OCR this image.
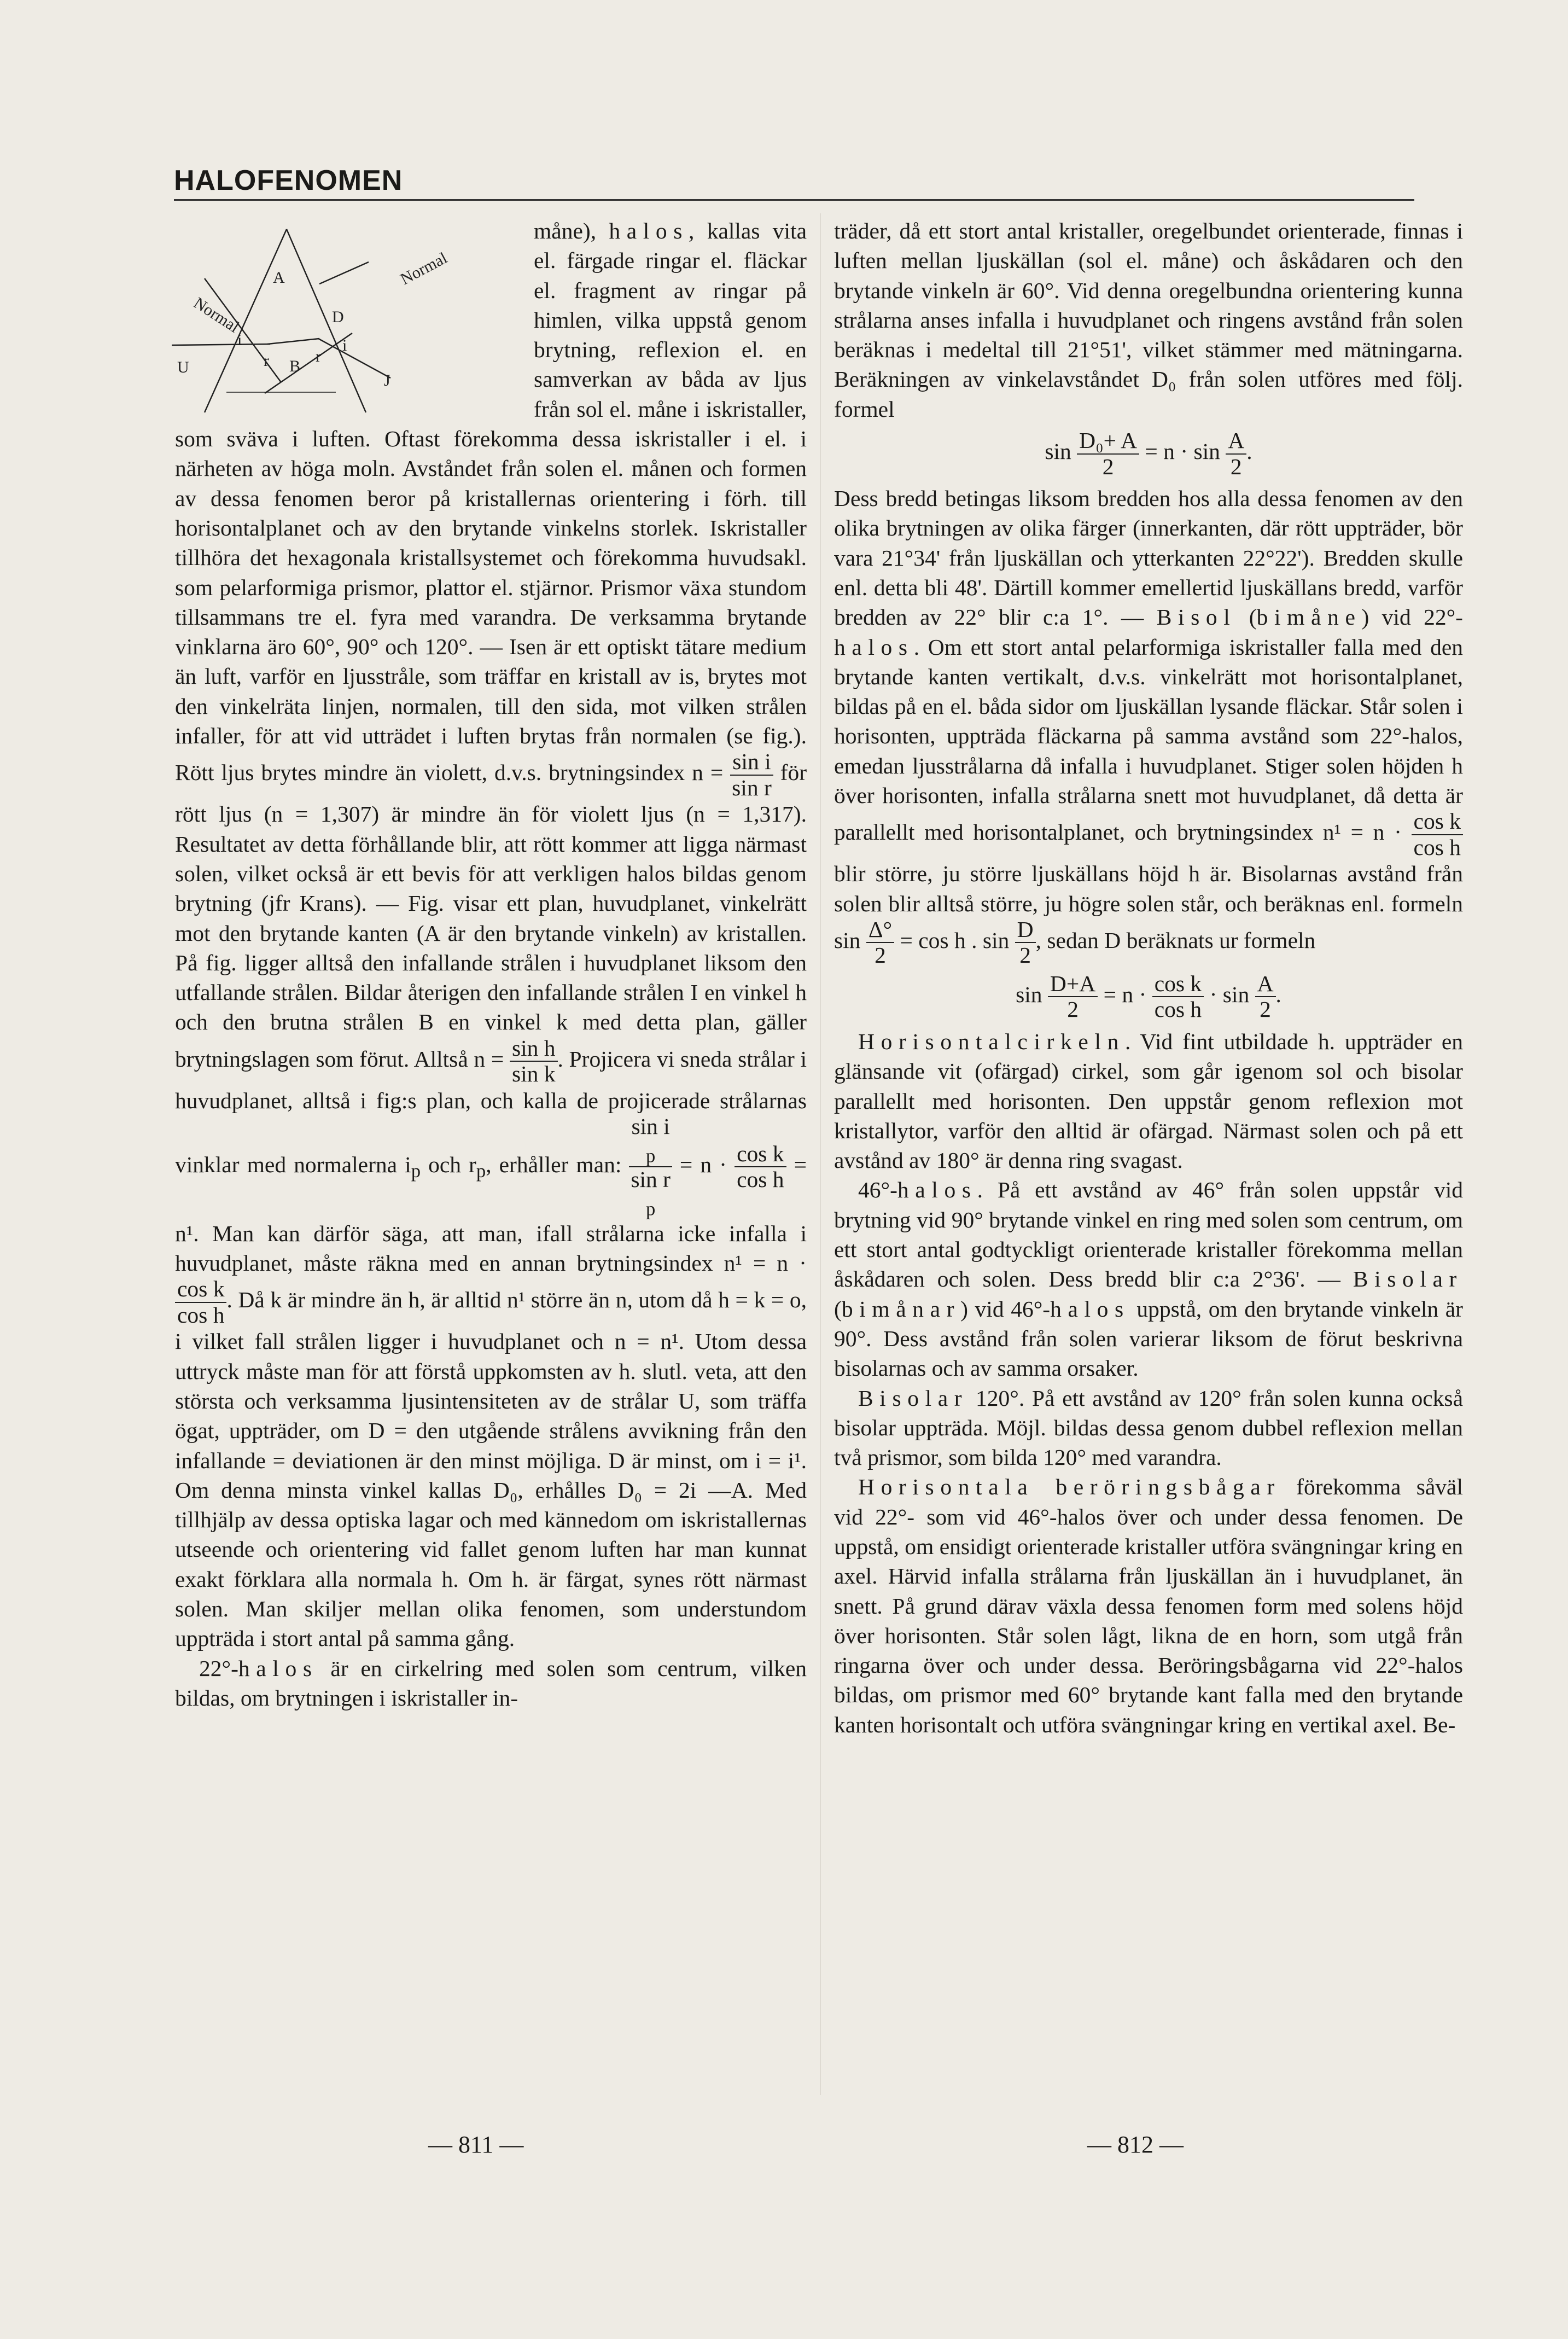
HALOFENOMEN
A
D
B
r	r
i	i
U
J
Normal
Normal

måne), halos, kallas vita el. färgade ringar el. fläckar el. fragment av ringar på himlen, vilka uppstå genom brytning, reflexion el. en samverkan av båda av ljus från sol el. måne i iskristaller, som sväva i luften. Oftast förekomma dessa iskristaller i el. i närheten av höga moln. Avståndet från solen el. månen och formen av dessa fenomen beror på kristallernas orientering i förh. till horisontalplanet och av den brytande vinkelns storlek. Iskristaller tillhöra det hexagonala kristallsystemet och förekomma huvudsakl. som pelarformiga prismor, plattor el. stjärnor. Prismor växa stundom tillsammans tre el. fyra med varandra. De verksamma brytande vinklarna äro 60°, 90° och 120°. — Isen är ett optiskt tätare medium än luft, varför en ljusstråle, som träffar en kristall av is, brytes mot den vinkelräta linjen, normalen, till den sida, mot vilken strålen infaller, för att vid utträdet i luften brytas från normalen (se fig.). Rött ljus brytes mindre än violett, d.v.s. brytningsindex $n = \frac{\text{sin i}}{\text{sin r}}$ för rött ljus (n = 1,307) är mindre än för violett ljus (n = 1,317). Resultatet av detta förhållande blir, att rött kommer att ligga närmast solen, vilket också är ett bevis för att verkligen halos bildas genom brytning (jfr Krans). — Fig. visar ett plan, huvudplanet, vinkelrätt mot den brytande kanten (A är den brytande vinkeln) av kristallen. På fig. ligger alltså den infallande strålen i huvudplanet liksom den utfallande strålen. Bildar återigen den infallande strålen I en vinkel h och den brutna strålen B en vinkel k med detta plan, gäller brytningslagen som förut. Alltså $n = \frac{\text{sin h}}{\text{sin k}}$ . Projicera vi sneda strålar i huvudplanet, alltså i fig:s plan, och kalla de projicerade strålarnas vinklar med normalerna $i_p$ och $r_p$, erhåller man: sin i
$_p$
sin r
$_p = n \cdot \frac{\text{cos k}}{\text{cos h}} = n^1$. Man kan därför säga, att man, ifall strålarna icke infalla i huvudplanet, måste räkna med en annan brytningsindex n¹ = n ·
$\frac{\text{cos k}}{\text{cos h}}$ . Då k är mindre än h, är alltid n¹ större än n, utom då h = k = o, i vilket fall strålen ligger i huvudplanet och n = n¹. Utom dessa uttryck måste man för att förstå uppkomsten av h. slutl. veta, att den största och verksamma ljusintensiteten av de strålar U, som träffa ögat, uppträder, om D = den utgående strålens avvikning från den infallande = deviationen är den minst möjliga. D är minst, om i = i¹. Om denna minsta vinkel kallas D₀, erhålles D₀ = 2i —A. Med tillhjälp av dessa optiska lagar och med kännedom om iskristallernas utseende och orientering vid fallet genom luften har man kunnat exakt förklara alla normala h. Om h. är färgat, synes rött närmast solen. Man skiljer mellan olika fenomen, som understundom uppträda i stort antal på samma gång.

22°-halos är en cirkelring med solen som centrum, vilken bildas, om brytningen i iskristaller in-

träder, då ett stort antal kristaller, oregelbundet orienterade, finnas i luften mellan ljuskällan (sol el. måne) och åskådaren och den brytande vinkeln är 60°. Vid denna oregelbundna orientering kunna strålarna anses infalla i huvudplanet och ringens avstånd från solen beräknas i medeltal till 21°51', vilket stämmer med mätningarna. Beräkningen av vinkelavståndet D₀ från solen utföres med följ. formel

$\sin \frac{\text{D₀+ A}}{2} = n \cdot \sin \frac{A}{2}$ .

Dess bredd betingas liksom bredden hos alla dessa fenomen av den olika brytningen av olika färger (innerkanten, där rött uppträder, bör vara 21°34' från ljuskällan och ytterkanten 22°22'). Bredden skulle enl. detta bli 48'. Därtill kommer emellertid ljuskällans bredd, varför bredden av 22° blir c:a 1°. — Bisol (bimåne) vid 22°-halos. Om ett stort antal pelarformiga iskristaller falla med den brytande kanten vertikalt, d.v.s. vinkelrätt mot horisontalplanet, bildas på en el. båda sidor om ljuskällan lysande fläckar. Står solen i horisonten, uppträda fläckarna på samma avstånd som 22°-halos, emedan ljusstrålarna då infalla i huvudplanet. Stiger solen höjden h över horisonten, infalla strålarna snett mot huvudplanet, då detta är parallellt med horisontalplanet, och brytningsindex $n^1 = n \cdot \frac{\text{cos k}}{\text{cos h}}$
blir större, ju större ljuskällans höjd h är. Bisolarnas avstånd från solen blir alltså större, ju högre solen står, och beräknas enl. formeln $\sin \frac{\Delta^\circ}{2} = \cos h$ . $\sin \frac{D}{2}$ , sedan D beräknats ur formeln

$\sin \frac{D+A}{2} = n \cdot \frac{\text{cos k}}{\text{cos h}} \cdot \sin \frac{A}{2}$ .

Horisontalcirkeln. Vid fint utbildade h. uppträder en glänsande vit (ofärgad) cirkel, som går igenom sol och bisolar parallellt med horisonten. Den uppstår genom reflexion mot kristallytor, varför den alltid är ofärgad. Närmast solen och på ett avstånd av 180° är denna ring svagast.

46°-halos. På ett avstånd av 46° från solen uppstår vid brytning vid 90° brytande vinkel en ring med solen som centrum, om ett stort antal godtyckligt orienterade kristaller förekomma mellan åskådaren och solen. Dess bredd blir c:a 2°36'. — Bisolar (bimånar) vid 46°-halos uppstå, om den brytande vinkeln är 90°. Dess avstånd från solen varierar liksom de förut beskrivna bisolarnas och av samma orsaker.

Bisolar 120°. På ett avstånd av 120° från solen kunna också bisolar uppträda. Möjl. bildas dessa genom dubbel reflexion mellan två prismor, som bilda 120° med varandra.

Horisontala beröringsbågar förekomma såväl vid 22°- som vid 46°-halos över och under dessa fenomen. De uppstå, om ensidigt orienterade kristaller utföra svängningar kring en axel. Härvid infalla strålarna från ljuskällan än i huvudplanet, än snett. På grund därav växla dessa fenomen form med solens höjd över horisonten. Står solen lågt, likna de en horn, som utgå från ringarna över och under dessa. Beröringsbågarna vid 22°-halos bildas, om prismor med 60° brytande kant falla med den brytande kanten horisontalt och utföra svängningar kring en vertikal axel. Be-

— 811 —	— 812 —
